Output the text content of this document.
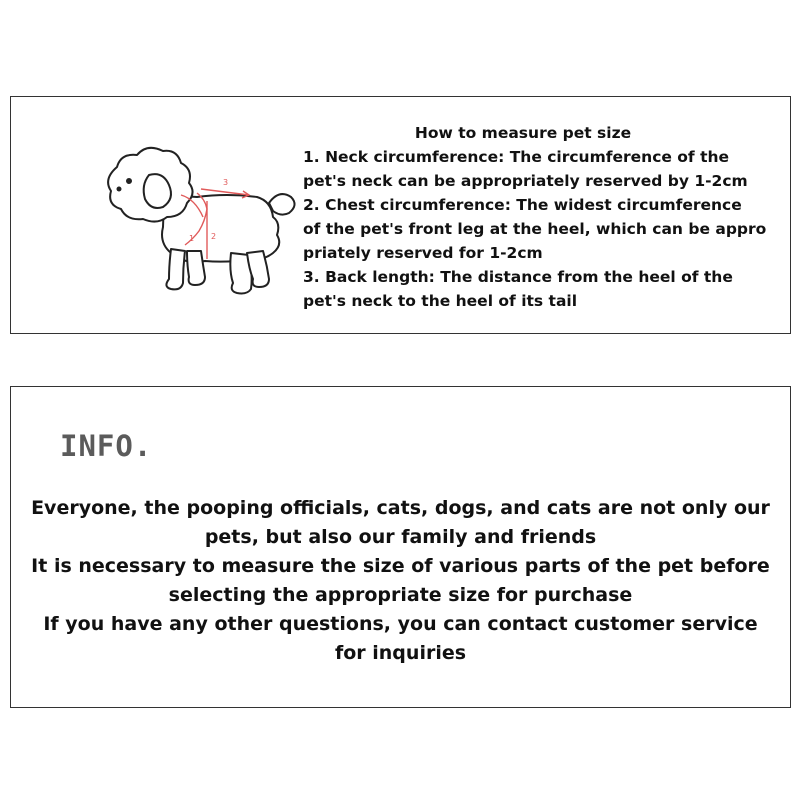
1 2
3
How to measure pet size
1. Neck circumference: The circumference of the
pet's neck can be appropriately reserved by 1-2cm
2. Chest circumference: The widest circumference
of the pet's front leg at the heel, which can be appro
priately reserved for 1-2cm
3. Back length: The distance from the heel of the
pet's neck to the heel of its tail
INFO.
Everyone, the pooping officials, cats, dogs, and cats are not only our
pets, but also our family and friends
It is necessary to measure the size of various parts of the pet before
selecting the appropriate size for purchase
If you have any other questions, you can contact customer service
for inquiries
